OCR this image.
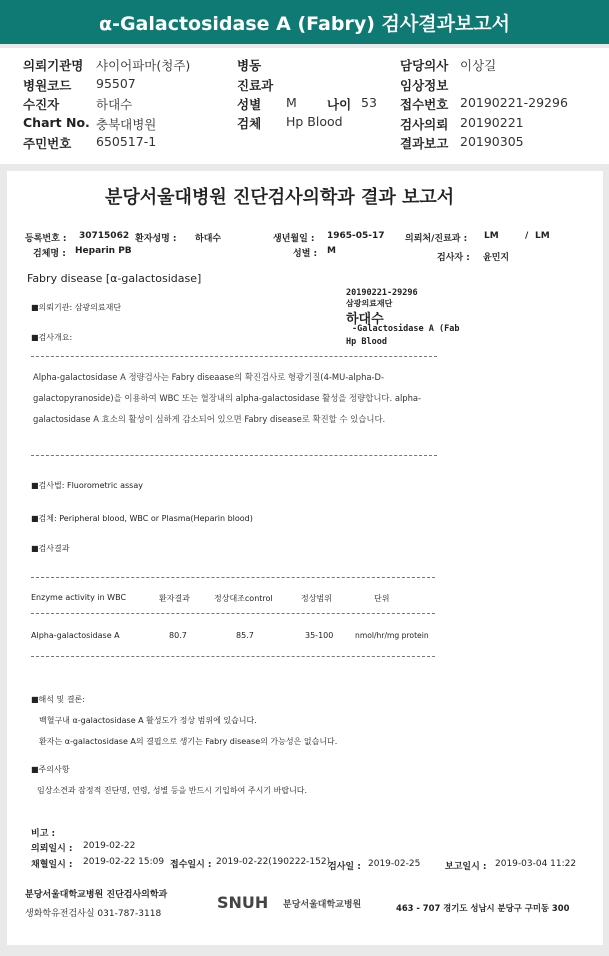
α-Galactosidase A (Fabry) 검사결과보고서
의뢰기관명 샤이어파마(청주)
병원코드 95507
수진자	하대수
Chart No. 충북대병원
주민번호 650517-1
병동
진료과
성별 M 나이 53
검체 Hp Blood
담당의사 이상길
임상정보
접수번호 20190221-29296
검사의뢰 20190221
결과보고 20190305
분당서울대병원 진단검사의학과 결과 보고서
등록번호 : 30715062 환자성명 : 하대수	생년월일 : 1965-05-17 의뢰처/진료과 : LM	/ LM
검체명 : Heparin PB	성별 : M
검사자 : 윤민지
Fabry disease [α-galactosidase]
20190221-29296
삼광의료재단
하대수
-Galactosidase A (Fab
Hp Blood
■의뢰기관: 삼광의료재단
■검사개요:
Alpha-galactosidase A 정량검사는 Fabry diseaase의 확진검사로 형광기질(4-MU-alpha-D-galactopyranoside)을 이용하여 WBC 또는 혈장내의 alpha-galactosidase 활성을 정량합니다. alpha-galactosidase A 효소의 활성이 심하게 감소되어 있으면 Fabry disease로 확진할 수 있습니다.
■검사법: Fluorometric assay
■검체: Peripheral blood, WBC or Plasma(Heparin blood)
■검사결과
Enzyme activity in WBC	환자결과	정상대조control	정상범위	단위
Alpha-galactosidase A	80.7	85.7	35-100	nmol/hr/mg protein
■해석 및 결론:
백혈구내 α-galactosidase A 활성도가 정상 범위에 있습니다.
환자는 α-galactosidase A의 결핍으로 생기는 Fabry disease의 가능성은 없습니다.
■주의사항
임상소견과 잠정적 진단명, 연령, 성별 등을 반드시 기입하여 주시기 바랍니다.
비고 :
의뢰일시 : 2019-02-22
채혈일시 : 2019-02-22 15:09 접수일시 : 2019-02-22(190222-152)
검사일 : 2019-02-25	보고일시 : 2019-03-04 11:22
분당서울대학교병원 진단검사의학과
생화학유전검사실 031-787-3118
SNUH 분당서울대학교병원	463 - 707 경기도 성남시 분당구 구미동 300
